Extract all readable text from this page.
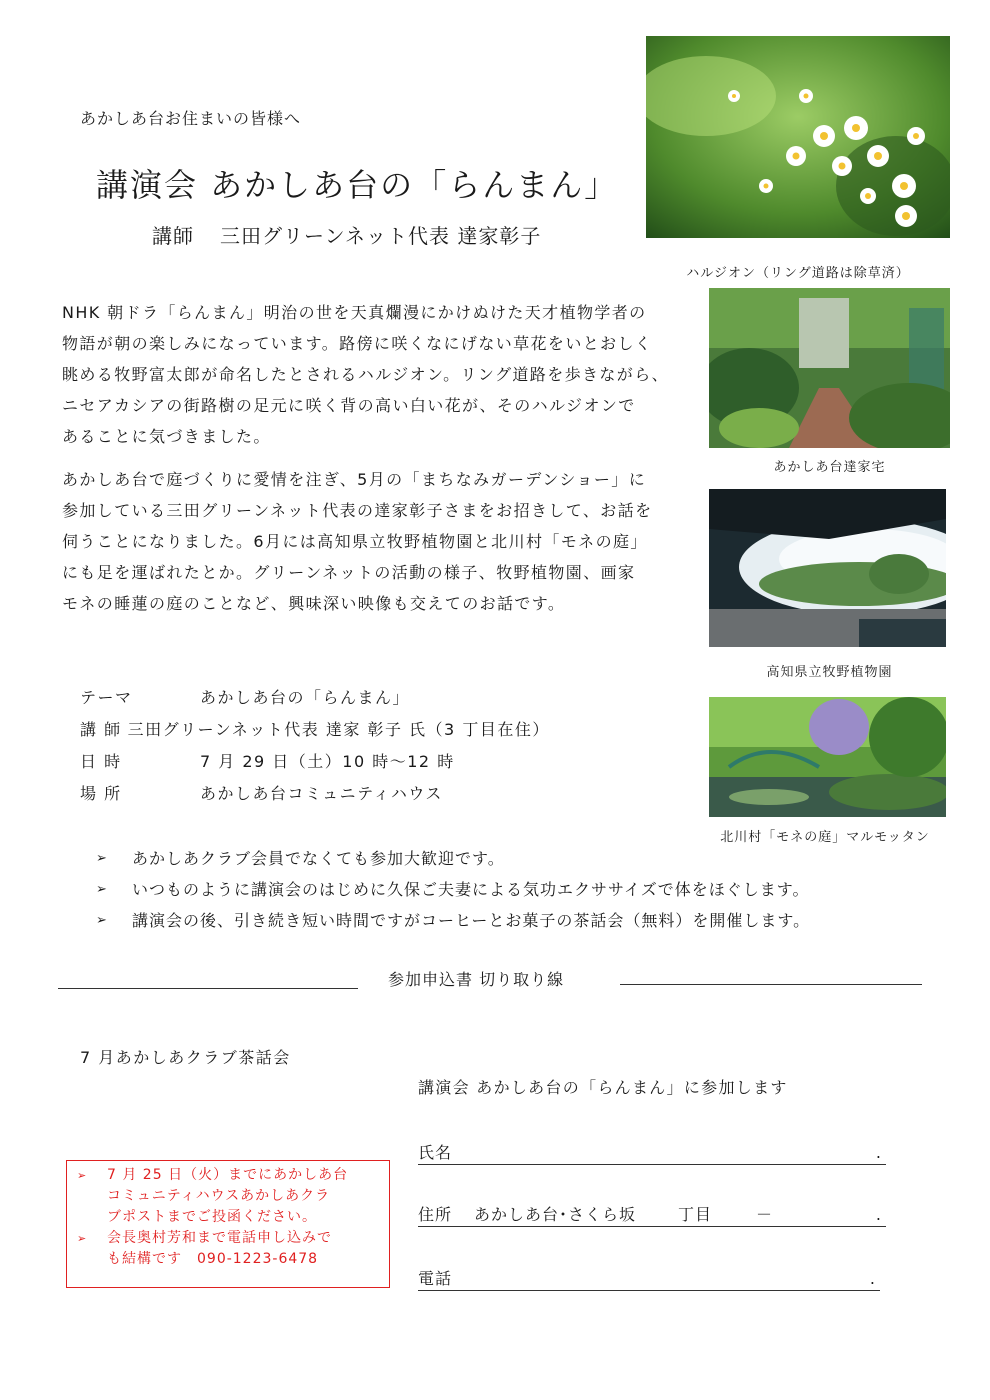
あかしあ台お住まいの皆様へ
講演会 あかしあ台の「らんまん」
講師 三田グリーンネット代表 達家彰子
ハルジオン（リング道路は除草済）
あかしあ台達家宅
高知県立牧野植物園
北川村「モネの庭」マルモッタン
NHK 朝ドラ「らんまん」明治の世を天真爛漫にかけぬけた天才植物学者の
物語が朝の楽しみになっています。路傍に咲くなにげない草花をいとおしく
眺める牧野富太郎が命名したとされるハルジオン。リング道路を歩きながら、
ニセアカシアの街路樹の足元に咲く背の高い白い花が、そのハルジオンで
あることに気づきました。
あかしあ台で庭づくりに愛情を注ぎ、5月の「まちなみガーデンショー」に
参加している三田グリーンネット代表の達家彰子さまをお招きして、お話を
伺うことになりました。6月には高知県立牧野植物園と北川村「モネの庭」
にも足を運ばれたとか。グリーンネットの活動の様子、牧野植物園、画家
モネの睡蓮の庭のことなど、興味深い映像も交えてのお話です。
テーマ	あかしあ台の「らんまん」
講 師 三田グリーンネット代表 達家 彰子 氏（3 丁目在住）
日 時	7 月 29 日（土）10 時～12 時
場 所	あかしあ台コミュニティハウス
➢	あかしあクラブ会員でなくても参加大歓迎です。
➢	いつものように講演会のはじめに久保ご夫妻による気功エクササイズで体をほぐします。
➢	講演会の後、引き続き短い時間ですがコーヒーとお菓子の茶話会（無料）を開催します。
参加申込書 切り取り線
7 月あかしあクラブ茶話会
講演会 あかしあ台の「らんまん」に参加します
氏名	.
住所 あかしあ台･さくら坂	丁目	－	.
電話	.
➢	7 月 25 日（火）までにあかしあ台
コミュニティハウスあかしあクラ
ブポストまでご投函ください。
➢	会長奥村芳和まで電話申し込みで
も結構です　090-1223-6478
